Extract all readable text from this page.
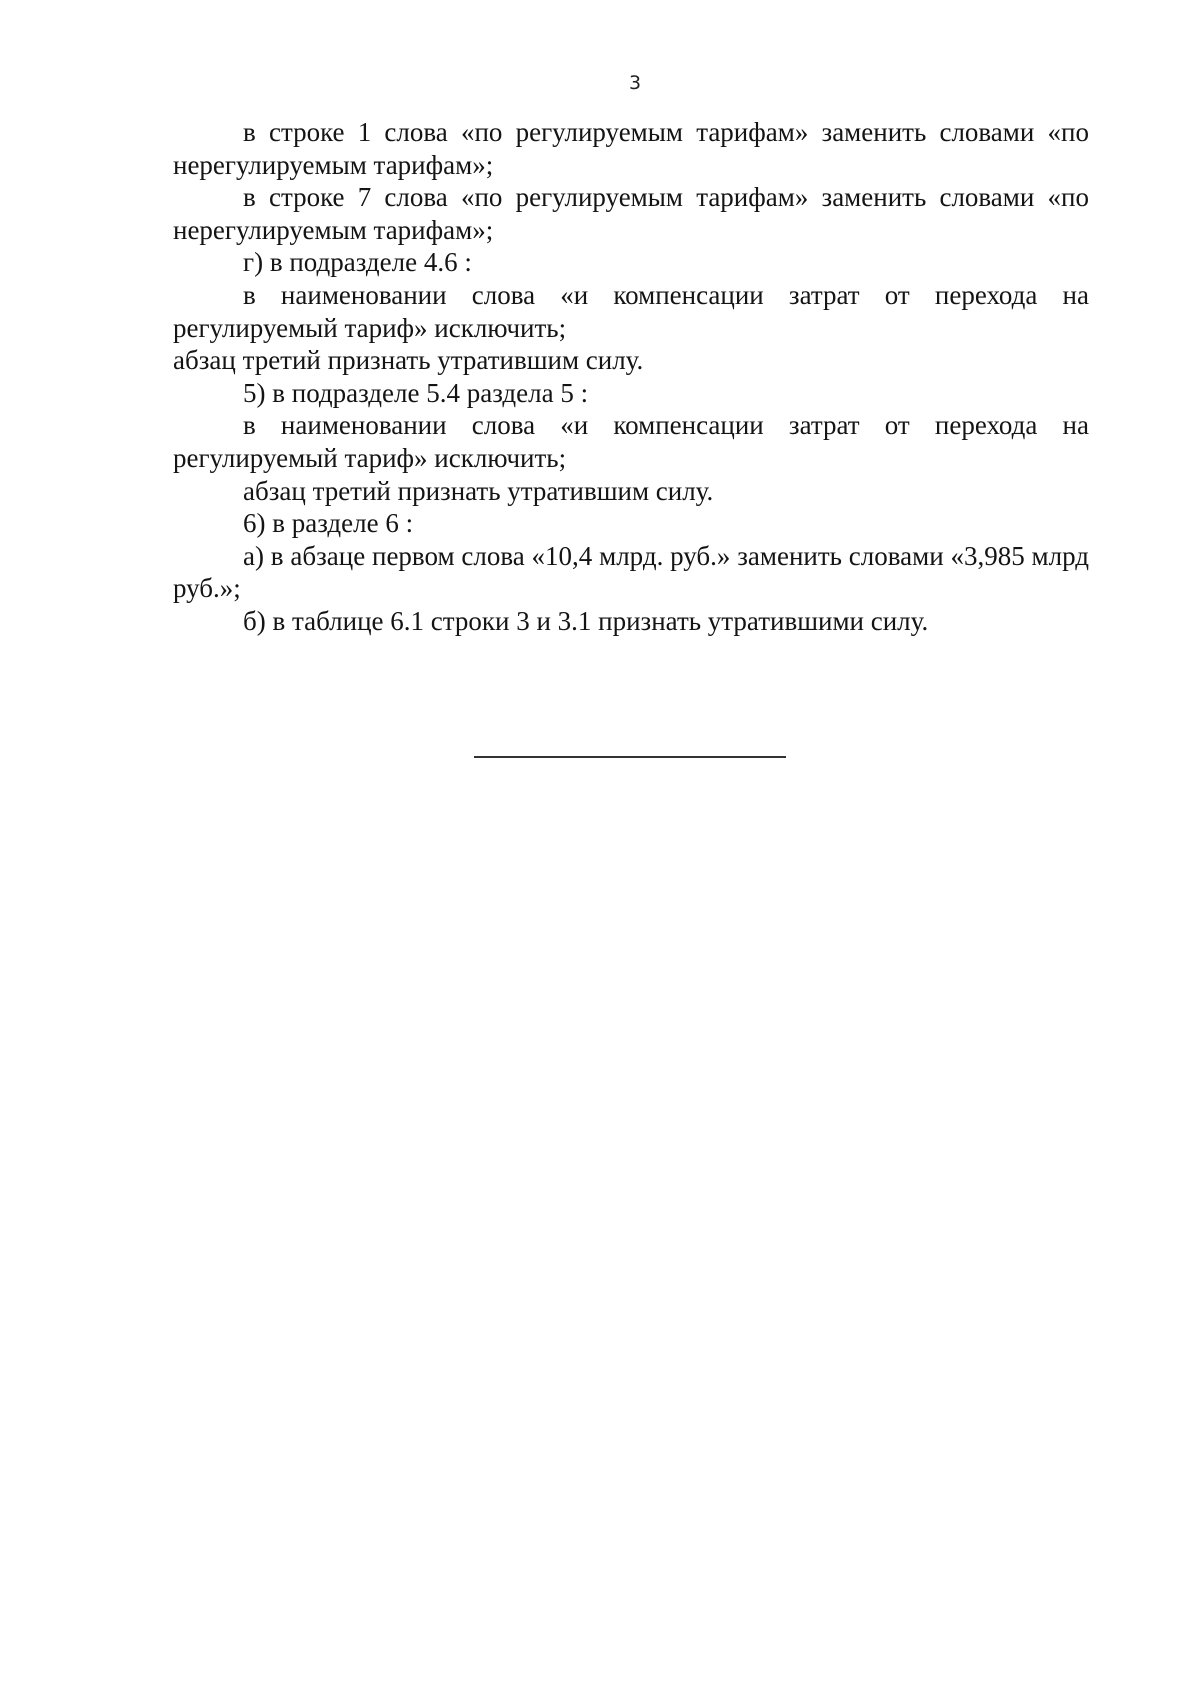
3

в строке 1 слова «по регулируемым тарифам» заменить словами «по нерегулируемым тарифам»;

в строке 7 слова «по регулируемым тарифам» заменить словами «по нерегулируемым тарифам»;

г) в подразделе 4.6 :

в наименовании слова «и компенсации затрат от перехода на регулируемый тариф» исключить;

абзац третий признать утратившим силу.

5) в подразделе 5.4 раздела 5 :

в наименовании слова «и компенсации затрат от перехода на регулируемый тариф» исключить;

абзац третий признать утратившим силу.

6) в разделе 6 :

а) в абзаце первом слова «10,4 млрд. руб.» заменить словами «3,985 млрд руб.»;

б) в таблице 6.1 строки 3 и 3.1 признать утратившими силу.
